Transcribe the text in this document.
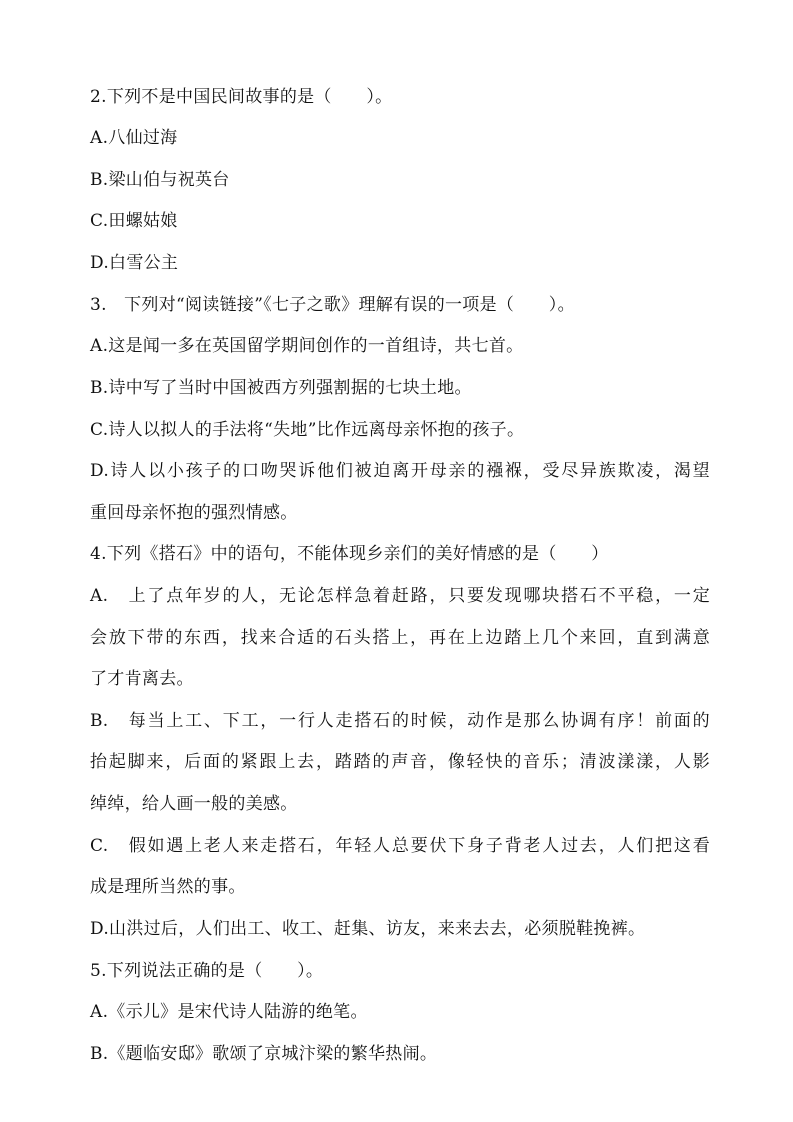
2.下列不是中国民间故事的是（　　）。
A.八仙过海
B.梁山伯与祝英台
C.田螺姑娘
D.白雪公主
3.　下列对“阅读链接”《七子之歌》理解有误的一项是（　　）。
A.这是闻一多在英国留学期间创作的一首组诗，共七首。
B.诗中写了当时中国被西方列强割据的七块土地。
C.诗人以拟人的手法将“失地”比作远离母亲怀抱的孩子。
D.诗人以小孩子的口吻哭诉他们被迫离开母亲的襁褓，受尽异族欺凌，渴望
重回母亲怀抱的强烈情感。
4.下列《搭石》中的语句，不能体现乡亲们的美好情感的是（　　）
A.　上了点年岁的人，无论怎样急着赶路，只要发现哪块搭石不平稳，一定
会放下带的东西，找来合适的石头搭上，再在上边踏上几个来回，直到满意
了才肯离去。
B.　每当上工、下工，一行人走搭石的时候，动作是那么协调有序！前面的
抬起脚来，后面的紧跟上去，踏踏的声音，像轻快的音乐；清波漾漾，人影
绰绰，给人画一般的美感。
C.　假如遇上老人来走搭石，年轻人总要伏下身子背老人过去，人们把这看
成是理所当然的事。
D.山洪过后，人们出工、收工、赶集、访友，来来去去，必须脱鞋挽裤。
5.下列说法正确的是（　　）。
A.《示儿》是宋代诗人陆游的绝笔。
B.《题临安邸》歌颂了京城汴梁的繁华热闹。
